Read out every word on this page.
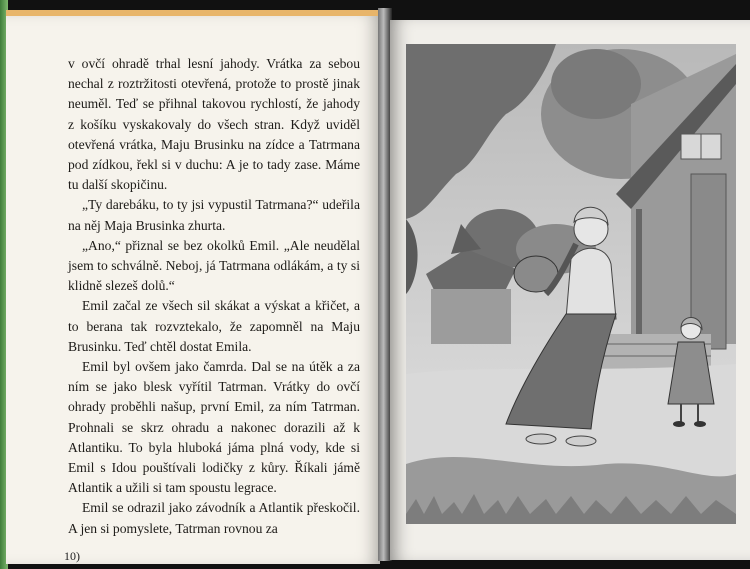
v ovčí ohradě trhal lesní jahody. Vrátka za sebou nechal z roztržitosti otevřená, protože to prostě jinak neuměl. Teď se přihnal takovou rychlostí, že jahody z košíku vyskakovaly do všech stran. Když uviděl otevřená vrátka, Maju Brusinku na zídce a Tatrmana pod zídkou, řekl si v duchu: A je to tady zase. Máme tu další skopičinu.

„Ty darebáku, to ty jsi vypustil Tatrmana?“ udeřila na něj Maja Brusinka zhurta.

„Ano,“ přiznal se bez okolků Emil. „Ale neudělal jsem to schválně. Neboj, já Tatrmana odlákám, a ty si klidně slezeš dolů.“

Emil začal ze všech sil skákat a výskat a křičet, a to berana tak rozvztekalo, že zapomněl na Maju Brusinku. Teď chtěl dostat Emila.

Emil byl ovšem jako čamrda. Dal se na útěk a za ním se jako blesk vyřítil Tatrman. Vrátky do ovčí ohrady proběhli našup, první Emil, za ním Tatrman. Prohnali se skrz ohradu a nakonec dorazili až k Atlantiku. To byla hluboká jáma plná vody, kde si Emil s Idou pouštívali lodičky z kůry. Říkali jámě Atlantik a užili si tam spoustu legrace.

Emil se odrazil jako závodník a Atlantik přeskočil. A jen si pomyslete, Tatrman rovnou za

10)
